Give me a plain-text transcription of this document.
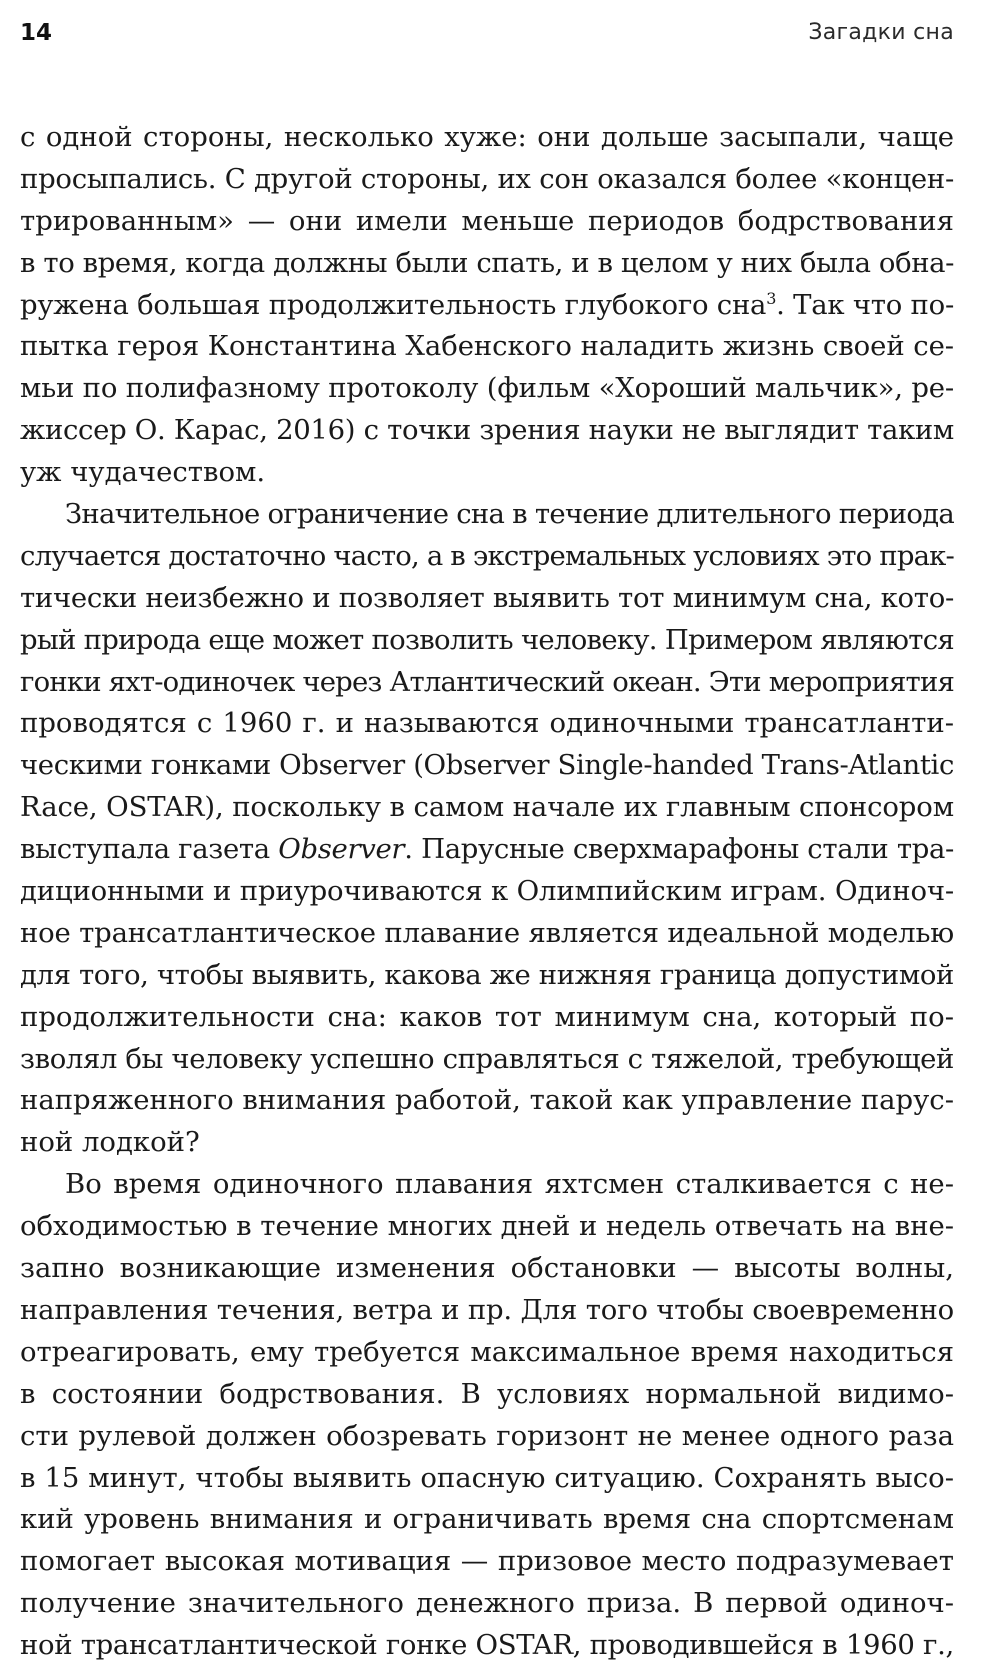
14	Загадки сна
с одной стороны, несколько хуже: они дольше засыпали, чаще
просыпались. С другой стороны, их сон оказался более «концен-
трированным» — они имели меньше периодов бодрствования
в то время, когда должны были спать, и в целом у них была обна-
ружена большая продолжительность глубокого сна$^3$. Так что по-
пытка героя Константина Хабенского наладить жизнь своей се-
мьи по полифазному протоколу (фильм «Хороший мальчик», ре-
жиссер О. Карас, 2016) с точки зрения науки не выглядит таким
уж чудачеством.
Значительное ограничение сна в течение длительного периода
случается достаточно часто, а в экстремальных условиях это прак-
тически неизбежно и позволяет выявить тот минимум сна, кото-
рый природа еще может позволить человеку. Примером являются
гонки яхт-одиночек через Атлантический океан. Эти мероприятия
проводятся с 1960 г. и называются одиночными трансатланти-
ческими гонками Observer (Observer Single-handed Trans-Atlantic
Race, OSTAR), поскольку в самом начале их главным спонсором
выступала газета Observer. Парусные сверхмарафоны стали тра-
диционными и приурочиваются к Олимпийским играм. Одиноч-
ное трансатлантическое плавание является идеальной моделью
для того, чтобы выявить, какова же нижняя граница допустимой
продолжительности сна: каков тот минимум сна, который по-
зволял бы человеку успешно справляться с тяжелой, требующей
напряженного внимания работой, такой как управление парус-
ной лодкой?
Во время одиночного плавания яхтсмен сталкивается с не-
обходимостью в течение многих дней и недель отвечать на вне-
запно возникающие изменения обстановки — высоты волны,
направления течения, ветра и пр. Для того чтобы своевременно
отреагировать, ему требуется максимальное время находиться
в состоянии бодрствования. В условиях нормальной видимо-
сти рулевой должен обозревать горизонт не менее одного раза
в 15 минут, чтобы выявить опасную ситуацию. Сохранять высо-
кий уровень внимания и ограничивать время сна спортсменам
помогает высокая мотивация — призовое место подразумевает
получение значительного денежного приза. В первой одиноч-
ной трансатлантической гонке OSTAR, проводившейся в 1960 г.,
